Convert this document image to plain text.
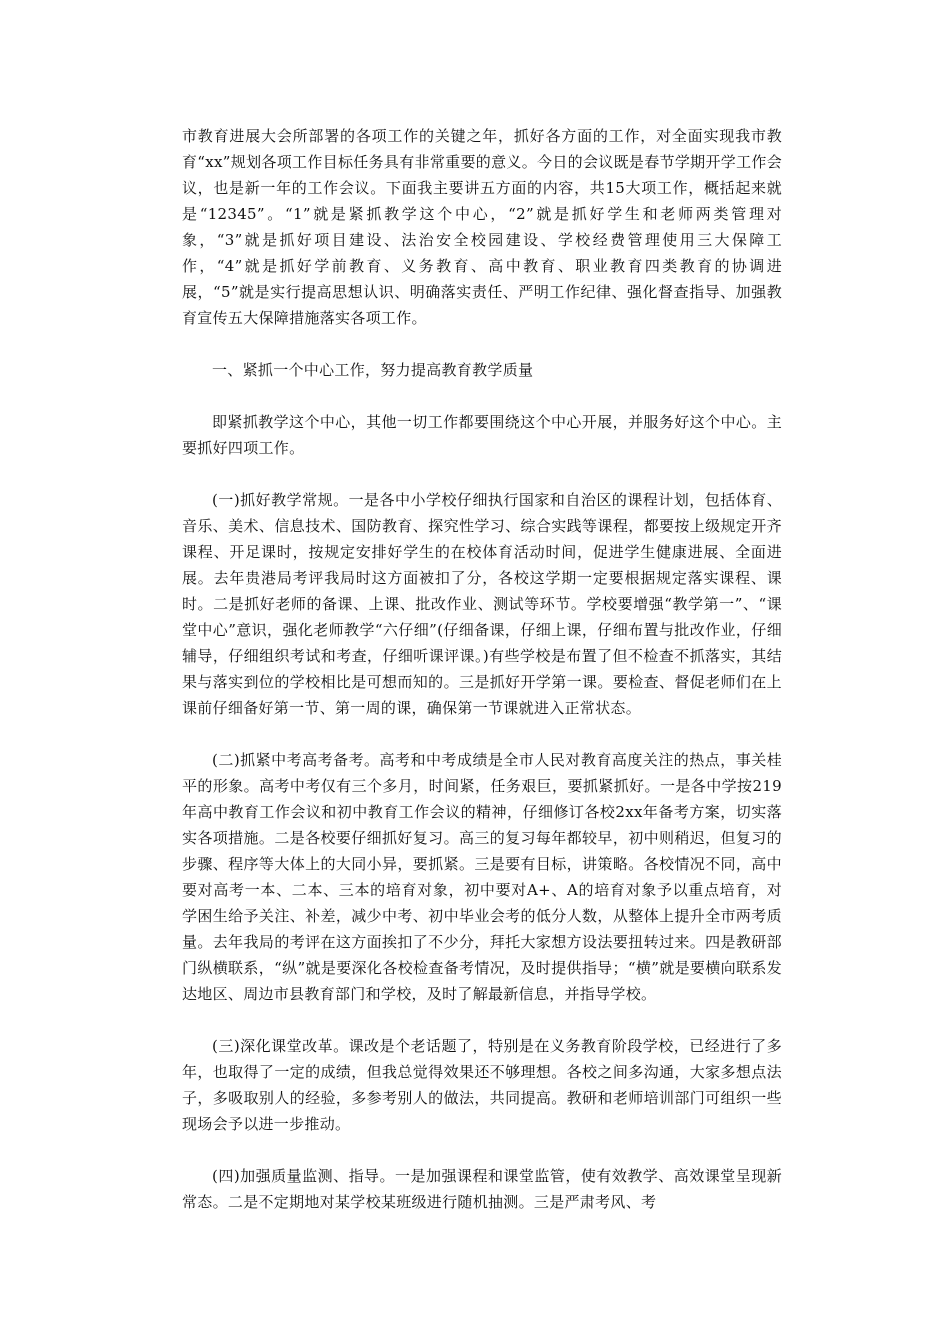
市教育进展大会所部署的各项工作的关键之年，抓好各方面的工作，对全面实现我市教育“xx”规划各项工作目标任务具有非常重要的意义。今日的会议既是春节学期开学工作会议，也是新一年的工作会议。下面我主要讲五方面的内容，共15大项工作，概括起来就是“12345”。“1”就是紧抓教学这个中心，“2”就是抓好学生和老师两类管理对象，“3”就是抓好项目建设、法治安全校园建设、学校经费管理使用三大保障工作，“4”就是抓好学前教育、义务教育、高中教育、职业教育四类教育的协调进展，“5”就是实行提高思想认识、明确落实责任、严明工作纪律、强化督查指导、加强教育宣传五大保障措施落实各项工作。

一、紧抓一个中心工作，努力提高教育教学质量

即紧抓教学这个中心，其他一切工作都要围绕这个中心开展，并服务好这个中心。主要抓好四项工作。

(一)抓好教学常规。一是各中小学校仔细执行国家和自治区的课程计划，包括体育、音乐、美术、信息技术、国防教育、探究性学习、综合实践等课程，都要按上级规定开齐课程、开足课时，按规定安排好学生的在校体育活动时间，促进学生健康进展、全面进展。去年贵港局考评我局时这方面被扣了分，各校这学期一定要根据规定落实课程、课时。二是抓好老师的备课、上课、批改作业、测试等环节。学校要增强“教学第一”、“课堂中心”意识，强化老师教学“六仔细”(仔细备课，仔细上课，仔细布置与批改作业，仔细辅导，仔细组织考试和考查，仔细听课评课。)有些学校是布置了但不检查不抓落实，其结果与落实到位的学校相比是可想而知的。三是抓好开学第一课。要检查、督促老师们在上课前仔细备好第一节、第一周的课，确保第一节课就进入正常状态。

(二)抓紧中考高考备考。高考和中考成绩是全市人民对教育高度关注的热点，事关桂平的形象。高考中考仅有三个多月，时间紧，任务艰巨，要抓紧抓好。一是各中学按219年高中教育工作会议和初中教育工作会议的精神，仔细修订各校2xx年备考方案，切实落实各项措施。二是各校要仔细抓好复习。高三的复习每年都较早，初中则稍迟，但复习的步骤、程序等大体上的大同小异，要抓紧。三是要有目标，讲策略。各校情况不同，高中要对高考一本、二本、三本的培育对象，初中要对A+、A的培育对象予以重点培育，对学困生给予关注、补差，减少中考、初中毕业会考的低分人数，从整体上提升全市两考质量。去年我局的考评在这方面挨扣了不少分，拜托大家想方设法要扭转过来。四是教研部门纵横联系，“纵”就是要深化各校检查备考情况，及时提供指导；“横”就是要横向联系发达地区、周边市县教育部门和学校，及时了解最新信息，并指导学校。

(三)深化课堂改革。课改是个老话题了，特别是在义务教育阶段学校，已经进行了多年，也取得了一定的成绩，但我总觉得效果还不够理想。各校之间多沟通，大家多想点法子，多吸取别人的经验，多参考别人的做法，共同提高。教研和老师培训部门可组织一些现场会予以进一步推动。

(四)加强质量监测、指导。一是加强课程和课堂监管，使有效教学、高效课堂呈现新常态。二是不定期地对某学校某班级进行随机抽测。三是严肃考风、考
